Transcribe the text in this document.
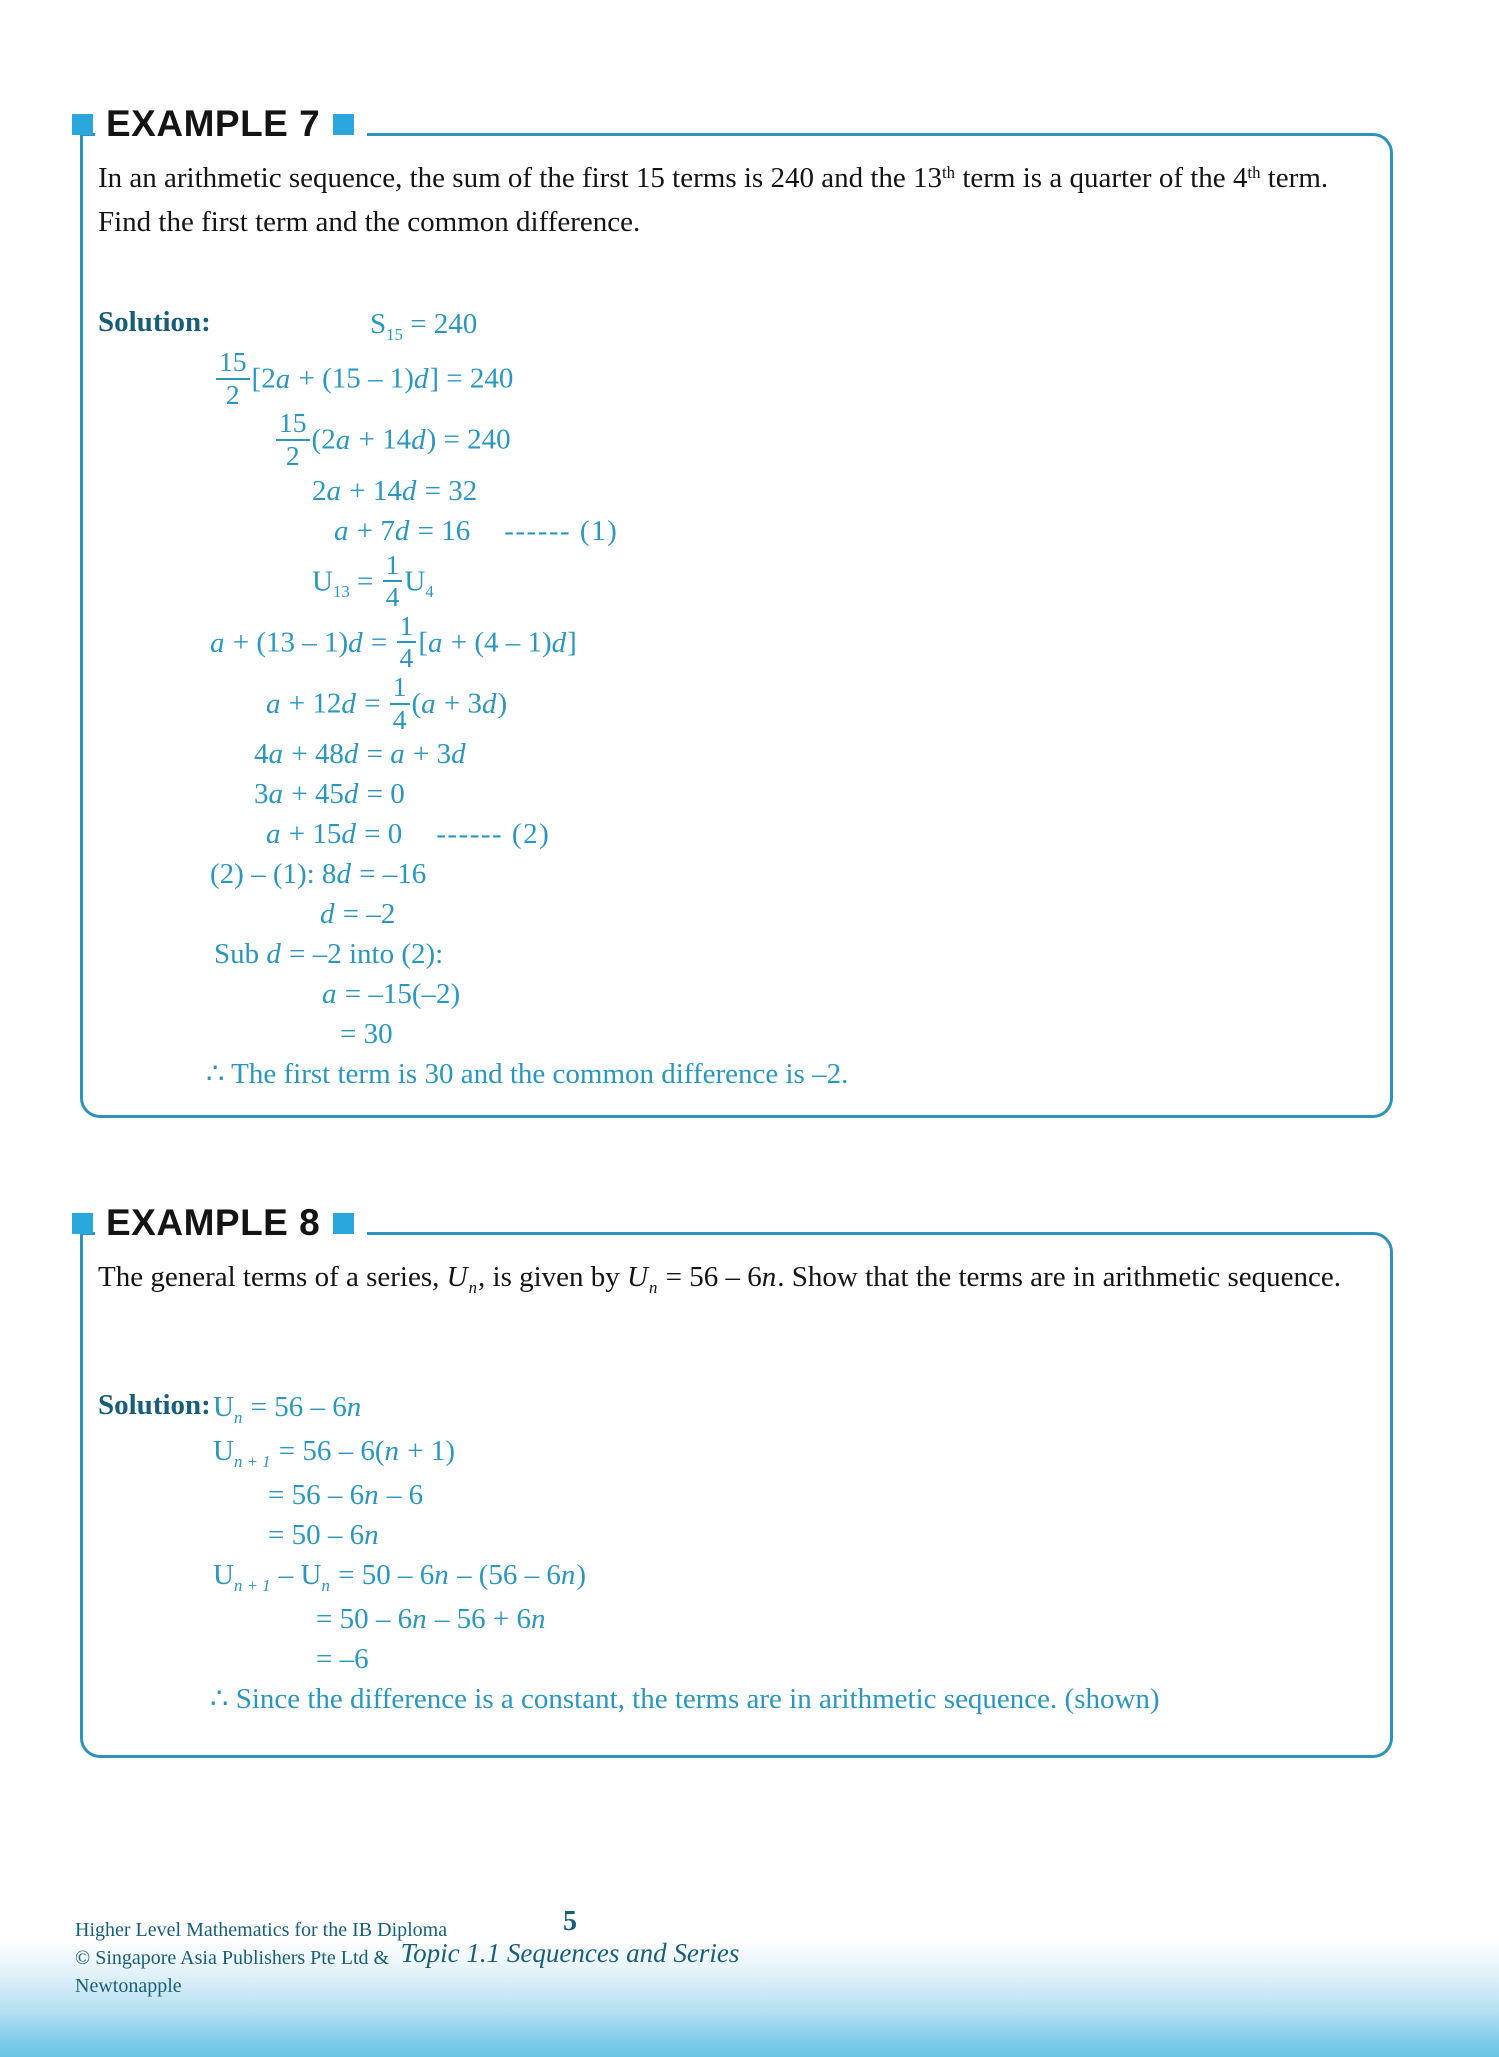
EXAMPLE 7

In an arithmetic sequence, the sum of the first 15 terms is 240 and the 13th term is a quarter of the 4th term. Find the first term and the common difference.

Solution:	$S_{15} = 240$
$\frac{15}{2} [2a + (15 - 1)d] = 240$
$\frac{15}{2} (2a + 14d) = 240$
2a + 14d = 32
a + 7d = 16 ------ (1)
$U_{13} = \frac{1}{4} U_4$
$a + (13 - 1)d = \frac{1}{4} [a + (4 - 1)d]$
$a + 12d = \frac{1}{4} (a + 3d)$
4a + 48d = a + 3d
3a + 45d = 0
a + 15d = 0 ------ (2)
(2) – (1): 8d = –16
d = –2
Sub d = –2 into (2):
a = –15(–2)
= 30
∴ The first term is 30 and the common difference is –2.
EXAMPLE 8

The general terms of a series, $U_n$, is given by $U_n = 56 - 6n$. Show that the terms are in arithmetic sequence.

Solution: $U_n = 56 - 6n$
$U_{n + 1} = 56 - 6(n + 1)$
= 56 – 6n – 6
= 50 – 6n
$U_{n + 1} - U_n = 50 - 6n - (56 - 6n)$
= 50 – 6n – 56 + 6n
= –6
∴ Since the difference is a constant, the terms are in arithmetic sequence. (shown)
Higher Level Mathematics for the IB Diploma
© Singapore Asia Publishers Pte Ltd &
Newtonapple
5
Topic 1.1 Sequences and Series
